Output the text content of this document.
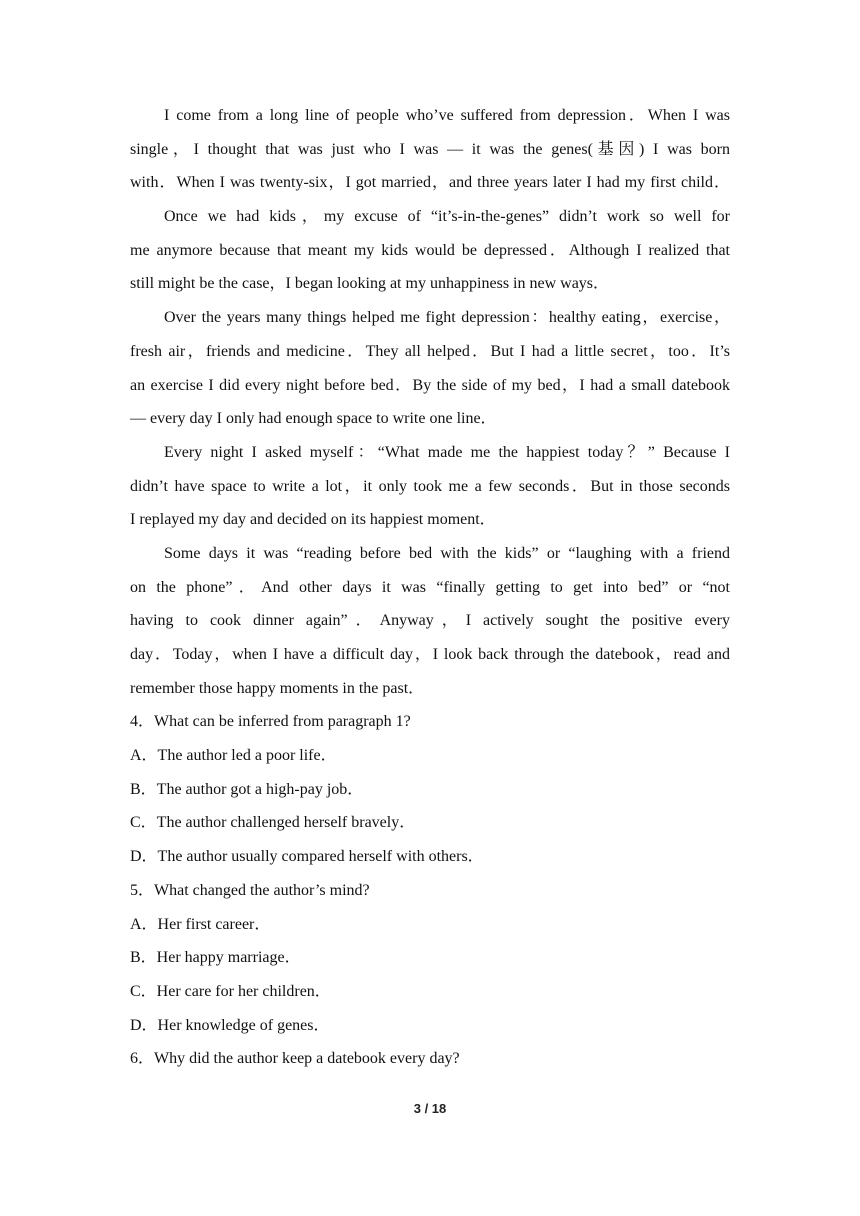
I come from a long line of people who’ve suffered from depression．When I was
single，I thought that was just who I was — it was the genes(基因) I was born
with．When I was twenty-six，I got married，and three years later I had my first child．
Once we had kids，my excuse of “it’s-in-the-genes” didn’t work so well for
me anymore because that meant my kids would be depressed．Although I realized that
still might be the case，I began looking at my unhappiness in new ways．
Over the years many things helped me fight depression：healthy eating，exercise，
fresh air，friends and medicine．They all helped．But I had a little secret，too．It’s
an exercise I did every night before bed．By the side of my bed，I had a small datebook
— every day I only had enough space to write one line．
Every night I asked myself：“What made me the happiest today？” Because I
didn’t have space to write a lot，it only took me a few seconds．But in those seconds
I replayed my day and decided on its happiest moment．
Some days it was “reading before bed with the kids” or “laughing with a friend
on the phone”．And other days it was “finally getting to get into bed” or “not
having to cook dinner again”．Anyway，I actively sought the positive every
day．Today，when I have a difficult day，I look back through the datebook，read and
remember those happy moments in the past．
4．What can be inferred from paragraph 1?
A．The author led a poor life．
B．The author got a high-pay job．
C．The author challenged herself bravely．
D．The author usually compared herself with others．
5．What changed the author’s mind?
A．Her first career．
B．Her happy marriage．
C．Her care for her children．
D．Her knowledge of genes．
6．Why did the author keep a datebook every day?
3 / 18
